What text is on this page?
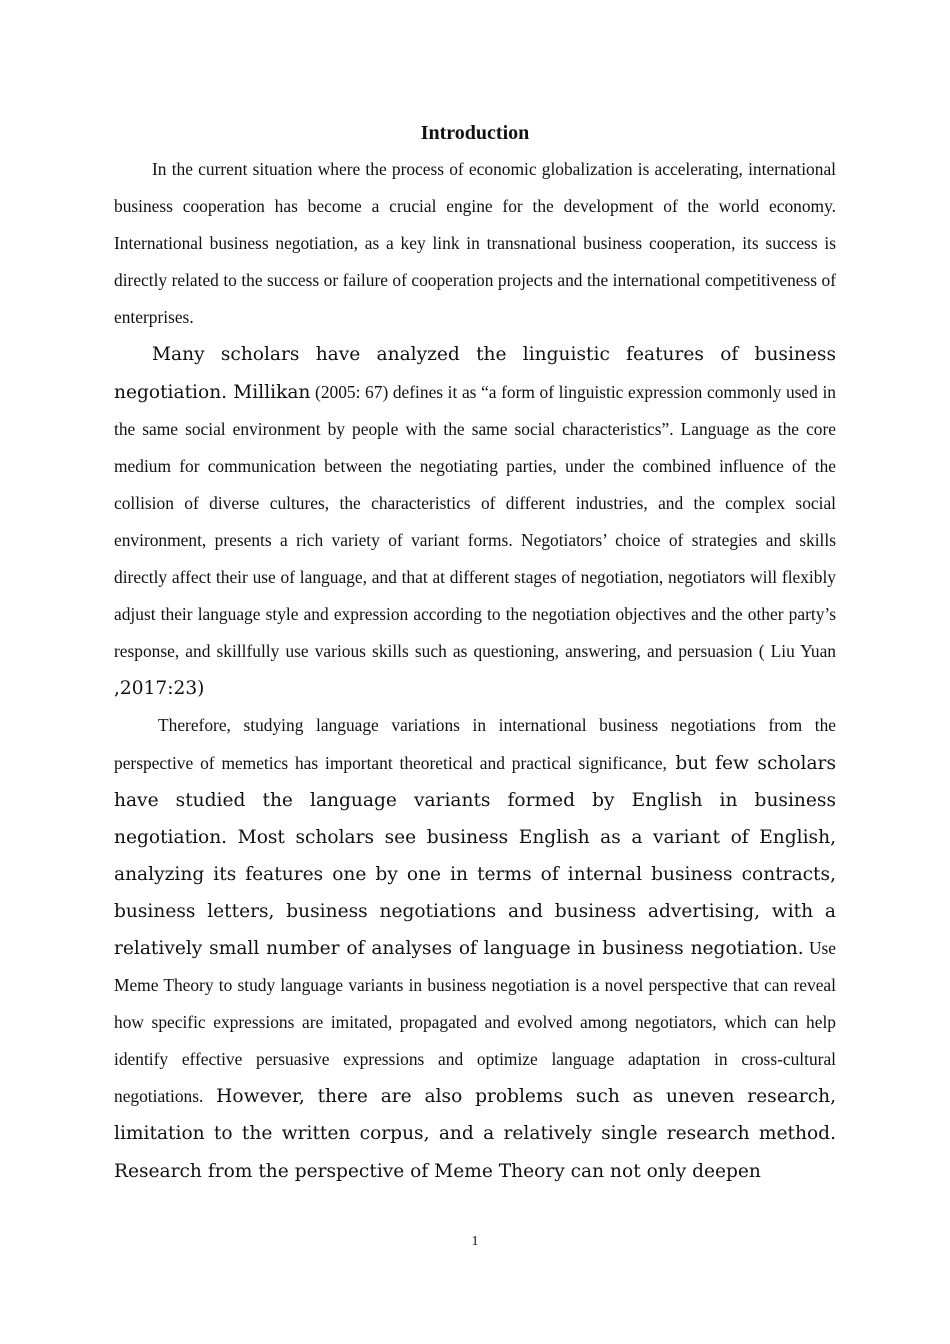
Introduction

In the current situation where the process of economic globalization is accelerating, international business cooperation has become a crucial engine for the development of the world economy. International business negotiation, as a key link in transnational business cooperation, its success is directly related to the success or failure of cooperation projects and the international competitiveness of enterprises.

Many scholars have analyzed the linguistic features of business negotiation. Millikan (2005: 67) defines it as “a form of linguistic expression commonly used in the same social environment by people with the same social characteristics”. Language as the core medium for communication between the negotiating parties, under the combined influence of the collision of diverse cultures, the characteristics of different industries, and the complex social environment, presents a rich variety of variant forms. Negotiators’ choice of strategies and skills directly affect their use of language, and that at different stages of negotiation, negotiators will flexibly adjust their language style and expression according to the negotiation objectives and the other party’s response, and skillfully use various skills such as questioning, answering, and persuasion ( Liu Yuan ,2017:23)

Therefore, studying language variations in international business negotiations from the perspective of memetics has important theoretical and practical significance, but few scholars have studied the language variants formed by English in business negotiation. Most scholars see business English as a variant of English, analyzing its features one by one in terms of internal business contracts, business letters, business negotiations and business advertising, with a relatively small number of analyses of language in business negotiation. Use Meme Theory to study language variants in business negotiation is a novel perspective that can reveal how specific expressions are imitated, propagated and evolved among negotiators, which can help identify effective persuasive expressions and optimize language adaptation in cross-cultural negotiations. However, there are also problems such as uneven research, limitation to the written corpus, and a relatively single research method. Research from the perspective of Meme Theory can not only deepen

1
